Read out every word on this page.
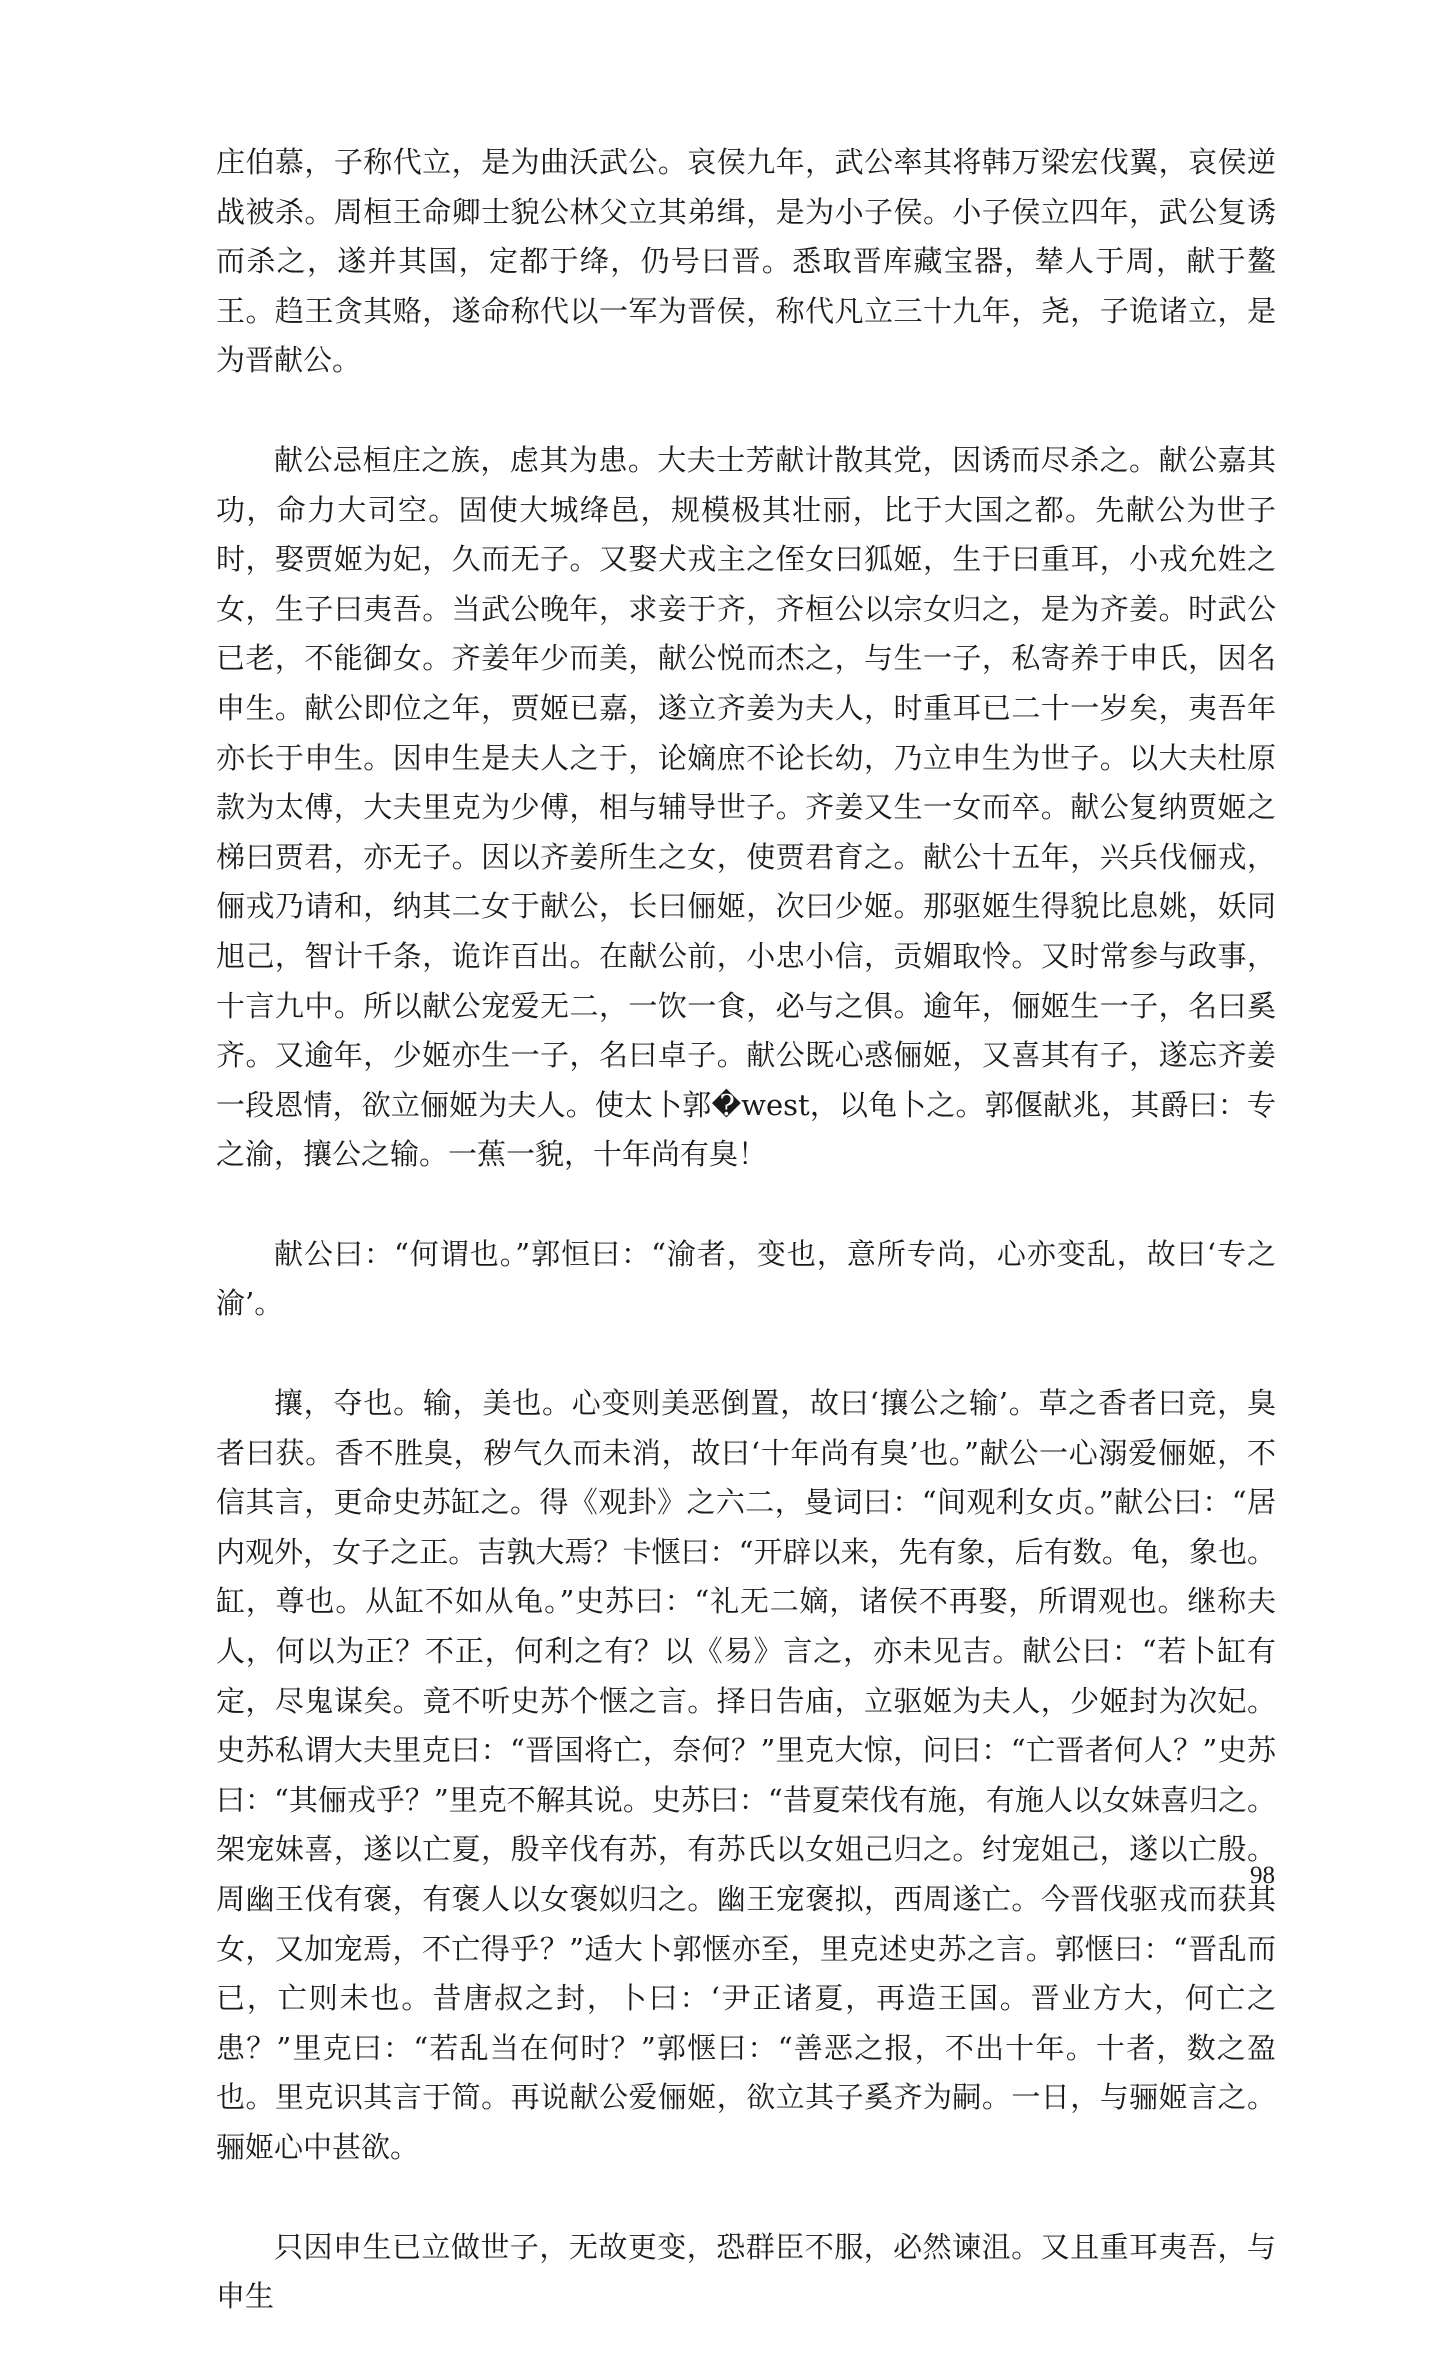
庄伯慕，子称代立，是为曲沃武公。哀侯九年，武公率其将韩万梁宏伐翼，哀侯逆战被杀。周桓王命卿士貌公林父立其弟缉，是为小子侯。小子侯立四年，武公复诱而杀之，遂并其国，定都于绛，仍号曰晋。悉取晋库藏宝器，辇人于周，献于鳌王。趋王贪其赂，遂命称代以一军为晋侯，称代凡立三十九年，尧，子诡诸立，是为晋献公。

献公忌桓庄之族，虑其为患。大夫士芳献计散其党，因诱而尽杀之。献公嘉其功，命力大司空。固使大城绛邑，规模极其壮丽，比于大国之都。先献公为世子时，娶贾姬为妃，久而无子。又娶犬戎主之侄女曰狐姬，生于曰重耳，小戎允姓之女，生子曰夷吾。当武公晚年，求妾于齐，齐桓公以宗女归之，是为齐姜。时武公已老，不能御女。齐姜年少而美，献公悦而杰之，与生一子，私寄养于申氏，因名申生。献公即位之年，贾姬已嘉，遂立齐姜为夫人，时重耳已二十一岁矣，夷吾年亦长于申生。因申生是夫人之于，论嫡庶不论长幼，乃立申生为世子。以大夫杜原款为太傅，大夫里克为少傅，相与辅导世子。齐姜又生一女而卒。献公复纳贾姬之梯曰贾君，亦无子。因以齐姜所生之女，使贾君育之。献公十五年，兴兵伐俪戎，俪戎乃请和，纳其二女于献公，长曰俪姬，次曰少姬。那驱姬生得貌比息姚，妖同旭己，智计千条，诡诈百出。在献公前，小忠小信，贡媚取怜。又时常参与政事，十言九中。所以献公宠爱无二，一饮一食，必与之俱。逾年，俪姬生一子，名曰奚齐。又逾年，少姬亦生一子，名曰卓子。献公既心惑俪姬，又喜其有子，遂忘齐姜一段恩情，欲立俪姬为夫人。使太卜郭�west，以龟卜之。郭偃献兆，其爵曰：专之渝，攘公之输。一蕉一貌，十年尚有臭！

献公曰：“何谓也。”郭恒曰：“渝者，变也，意所专尚，心亦变乱，故曰‘专之渝’。

攘，夺也。输，美也。心变则美恶倒置，故曰‘攘公之输’。草之香者曰竞，臭者曰获。香不胜臭，秽气久而未消，故曰‘十年尚有臭’也。”献公一心溺爱俪姬，不信其言，更命史苏缸之。得《观卦》之六二，曼词曰：“间观利女贞。”献公曰：“居内观外，女子之正。吉孰大焉？卡惬曰：“开辟以来，先有象，后有数。龟，象也。缸，尊也。从缸不如从龟。”史苏曰：“礼无二嫡，诸侯不再娶，所谓观也。继称夫人，何以为正？不正，何利之有？以《易》言之，亦未见吉。献公曰：“若卜缸有定，尽鬼谋矣。竟不听史苏个惬之言。择日告庙，立驱姬为夫人，少姬封为次妃。史苏私谓大夫里克曰：“晋国将亡，奈何？”里克大惊，问曰：“亡晋者何人？”史苏曰：“其俪戎乎？”里克不解其说。史苏曰：“昔夏荣伐有施，有施人以女妹喜归之。架宠妹喜，遂以亡夏，殷辛伐有苏，有苏氏以女姐己归之。纣宠姐己，遂以亡殷。周幽王伐有褒，有褒人以女褒姒归之。幽王宠褒拟，西周遂亡。今晋伐驱戎而获其女，又加宠焉，不亡得乎？”适大卜郭惬亦至，里克述史苏之言。郭惬曰：“晋乱而已，亡则未也。昔唐叔之封，卜曰：‘尹正诸夏，再造王国。晋业方大，何亡之患？”里克曰：“若乱当在何时？”郭惬曰：“善恶之报，不出十年。十者，数之盈也。里克识其言于简。再说献公爱俪姬，欲立其子奚齐为嗣。一日，与骊姬言之。骊姬心中甚欲。

只因申生已立做世子，无故更变，恐群臣不服，必然谏沮。又且重耳夷吾，与申生

98
